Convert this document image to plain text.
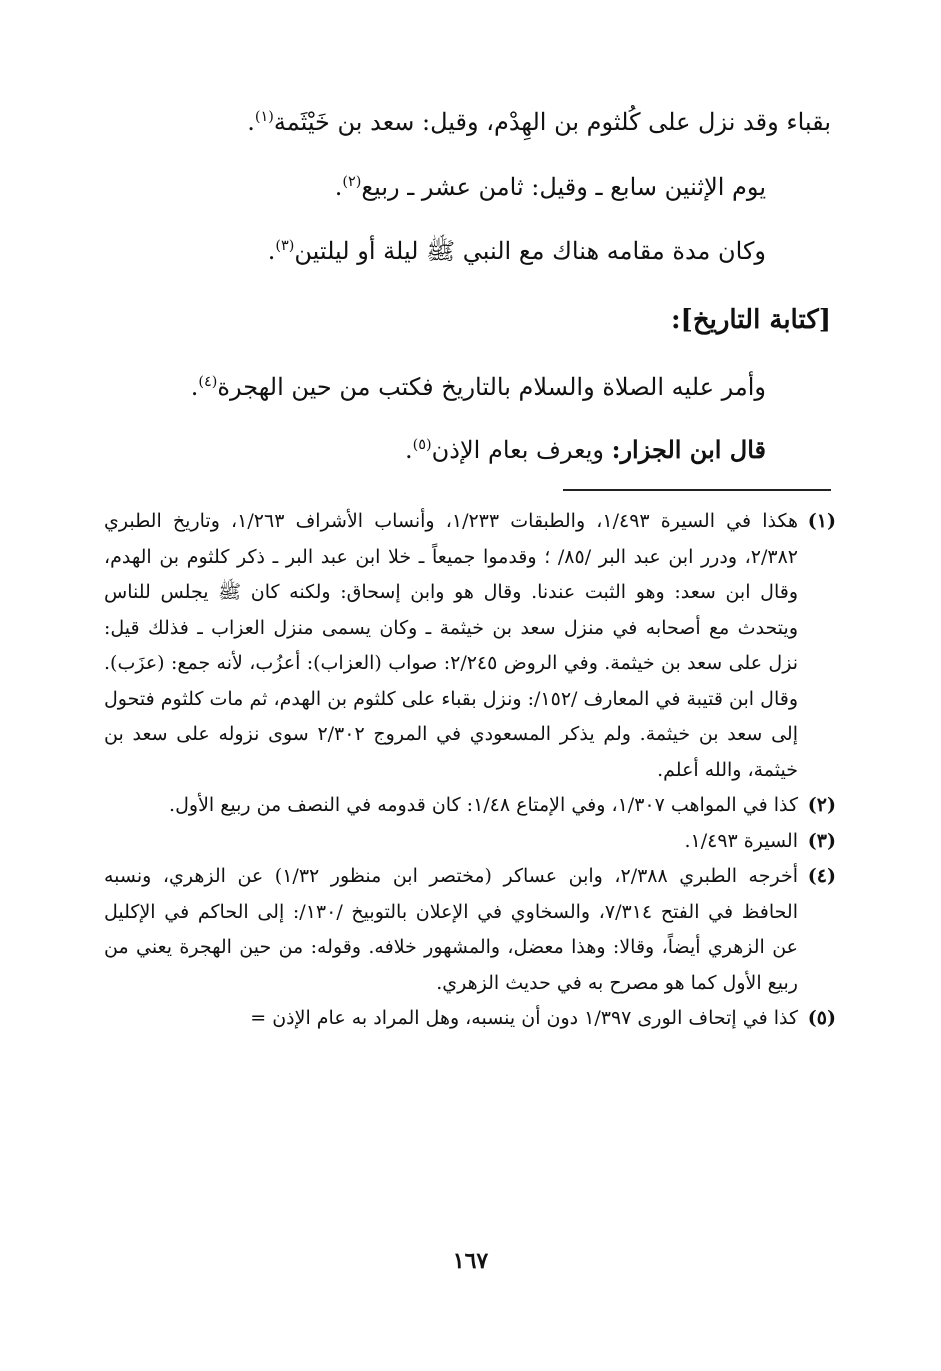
بقباء وقد نزل على كُلثوم بن الهِدْم، وقيل: سعد بن خَيْثَمة$^{(١)}$.
يوم الإثنين سابع ـ وقيل: ثامن عشر ـ ربيع$^{(٢)}$.
وكان مدة مقامه هناك مع النبي ﷺ ليلة أو ليلتين$^{(٣)}$.
[كتابة التاريخ]:
وأمر عليه الصلاة والسلام بالتاريخ فكتب من حين الهجرة$^{(٤)}$.
قال ابن الجزار: ويعرف بعام الإذن$^{(٥)}$.
(١)
هكذا في السيرة ١/٤٩٣، والطبقات ١/٢٣٣، وأنساب الأشراف ١/٢٦٣، وتاريخ الطبري ٢/٣٨٢، ودرر ابن عبد البر /٨٥/ ؛ وقدموا جميعاً ـ خلا ابن عبد البر ـ ذكر كلثوم بن الهدم، وقال ابن سعد: وهو الثبت عندنا. وقال هو وابن إسحاق: ولكنه كان ﷺ يجلس للناس ويتحدث مع أصحابه في منزل سعد بن خيثمة ـ وكان يسمى منزل العزاب ـ فذلك قيل: نزل على سعد بن خيثمة. وفي الروض ٢/٢٤٥: صواب (العزاب): أعزُب، لأنه جمع: (عزَب). وقال ابن قتيبة في المعارف /١٥٢/: ونزل بقباء على كلثوم بن الهدم، ثم مات كلثوم فتحول إلى سعد بن خيثمة. ولم يذكر المسعودي في المروج ٢/٣٠٢ سوى نزوله على سعد بن خيثمة، والله أعلم.
(٢)
كذا في المواهب ١/٣٠٧، وفي الإمتاع ١/٤٨: كان قدومه في النصف من ربيع الأول.
(٣)
السيرة ١/٤٩٣.
(٤)
أخرجه الطبري ٢/٣٨٨، وابن عساكر (مختصر ابن منظور ١/٣٢) عن الزهري، ونسبه الحافظ في الفتح ٧/٣١٤، والسخاوي في الإعلان بالتوبيخ /١٣٠/: إلى الحاكم في الإكليل عن الزهري أيضاً، وقالا: وهذا معضل، والمشهور خلافه. وقوله: من حين الهجرة يعني من ربيع الأول كما هو مصرح به في حديث الزهري.
(٥)
كذا في إتحاف الورى ١/٣٩٧ دون أن ينسبه، وهل المراد به عام الإذن =
١٦٧
